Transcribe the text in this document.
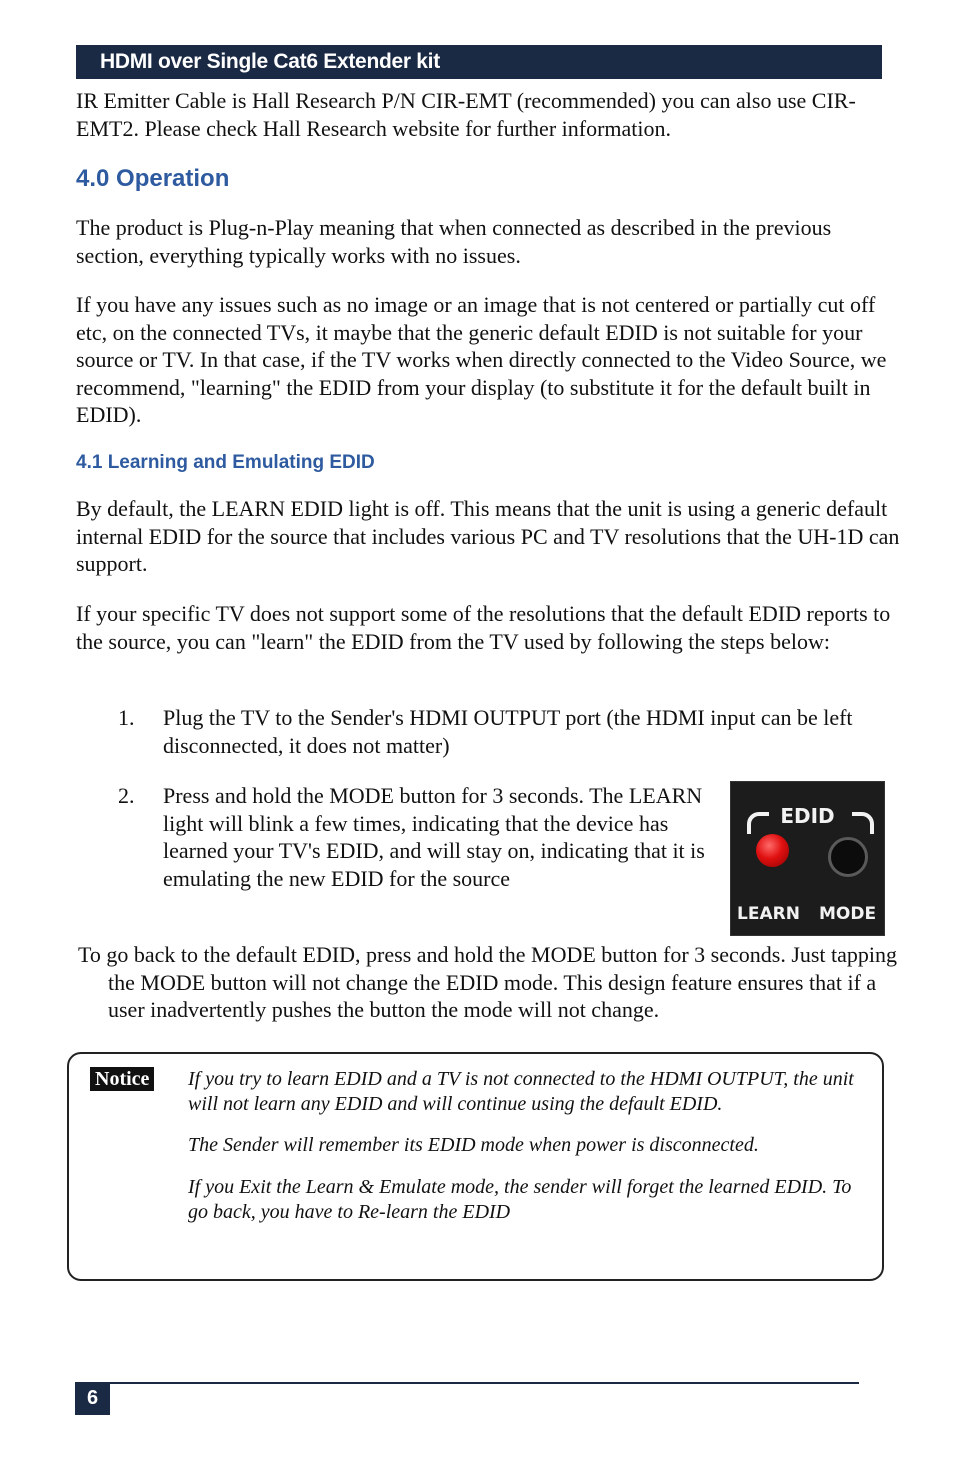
HDMI over Single Cat6 Extender kit

IR Emitter Cable is Hall Research P/N CIR-EMT (recommended) you can also use CIR-EMT2. Please check Hall Research website for further information.

4.0 Operation

The product is Plug-n-Play meaning that when connected as described in the previous section, everything typically works with no issues.

If you have any issues such as no image or an image that is not centered or partially cut off etc, on the connected TVs, it maybe that the generic default EDID is not suitable for your source or TV. In that case, if the TV works when directly connected to the Video Source, we recommend, "learning" the EDID from your display (to substitute it for the default built in EDID).

4.1 Learning and Emulating EDID

By default, the LEARN EDID light is off. This means that the unit is using a generic default internal EDID for the source that includes various PC and TV resolutions that the UH-1D can support.

If your specific TV does not support some of the resolutions that the default EDID reports to the source, you can "learn" the EDID from the TV used by following the steps below:

1. Plug the TV to the Sender's HDMI OUTPUT port (the HDMI input can be left disconnected, it does not matter)

2. Press and hold the MODE button for 3 seconds. The LEARN light will blink a few times, indicating that the device has learned your TV's EDID, and will stay on, indicating that it is emulating the new EDID for the source

EDID
LEARN MODE

To go back to the default EDID, press and hold the MODE button for 3 seconds. Just tapping the MODE button will not change the EDID mode. This design feature ensures that if a user inadvertently pushes the button the mode will not change.

Notice If you try to learn EDID and a TV is not connected to the HDMI OUTPUT, the unit will not learn any EDID and will continue using the default EDID.

The Sender will remember its EDID mode when power is disconnected.

If you Exit the Learn & Emulate mode, the sender will forget the learned EDID. To go back, you have to Re-learn the EDID

6
